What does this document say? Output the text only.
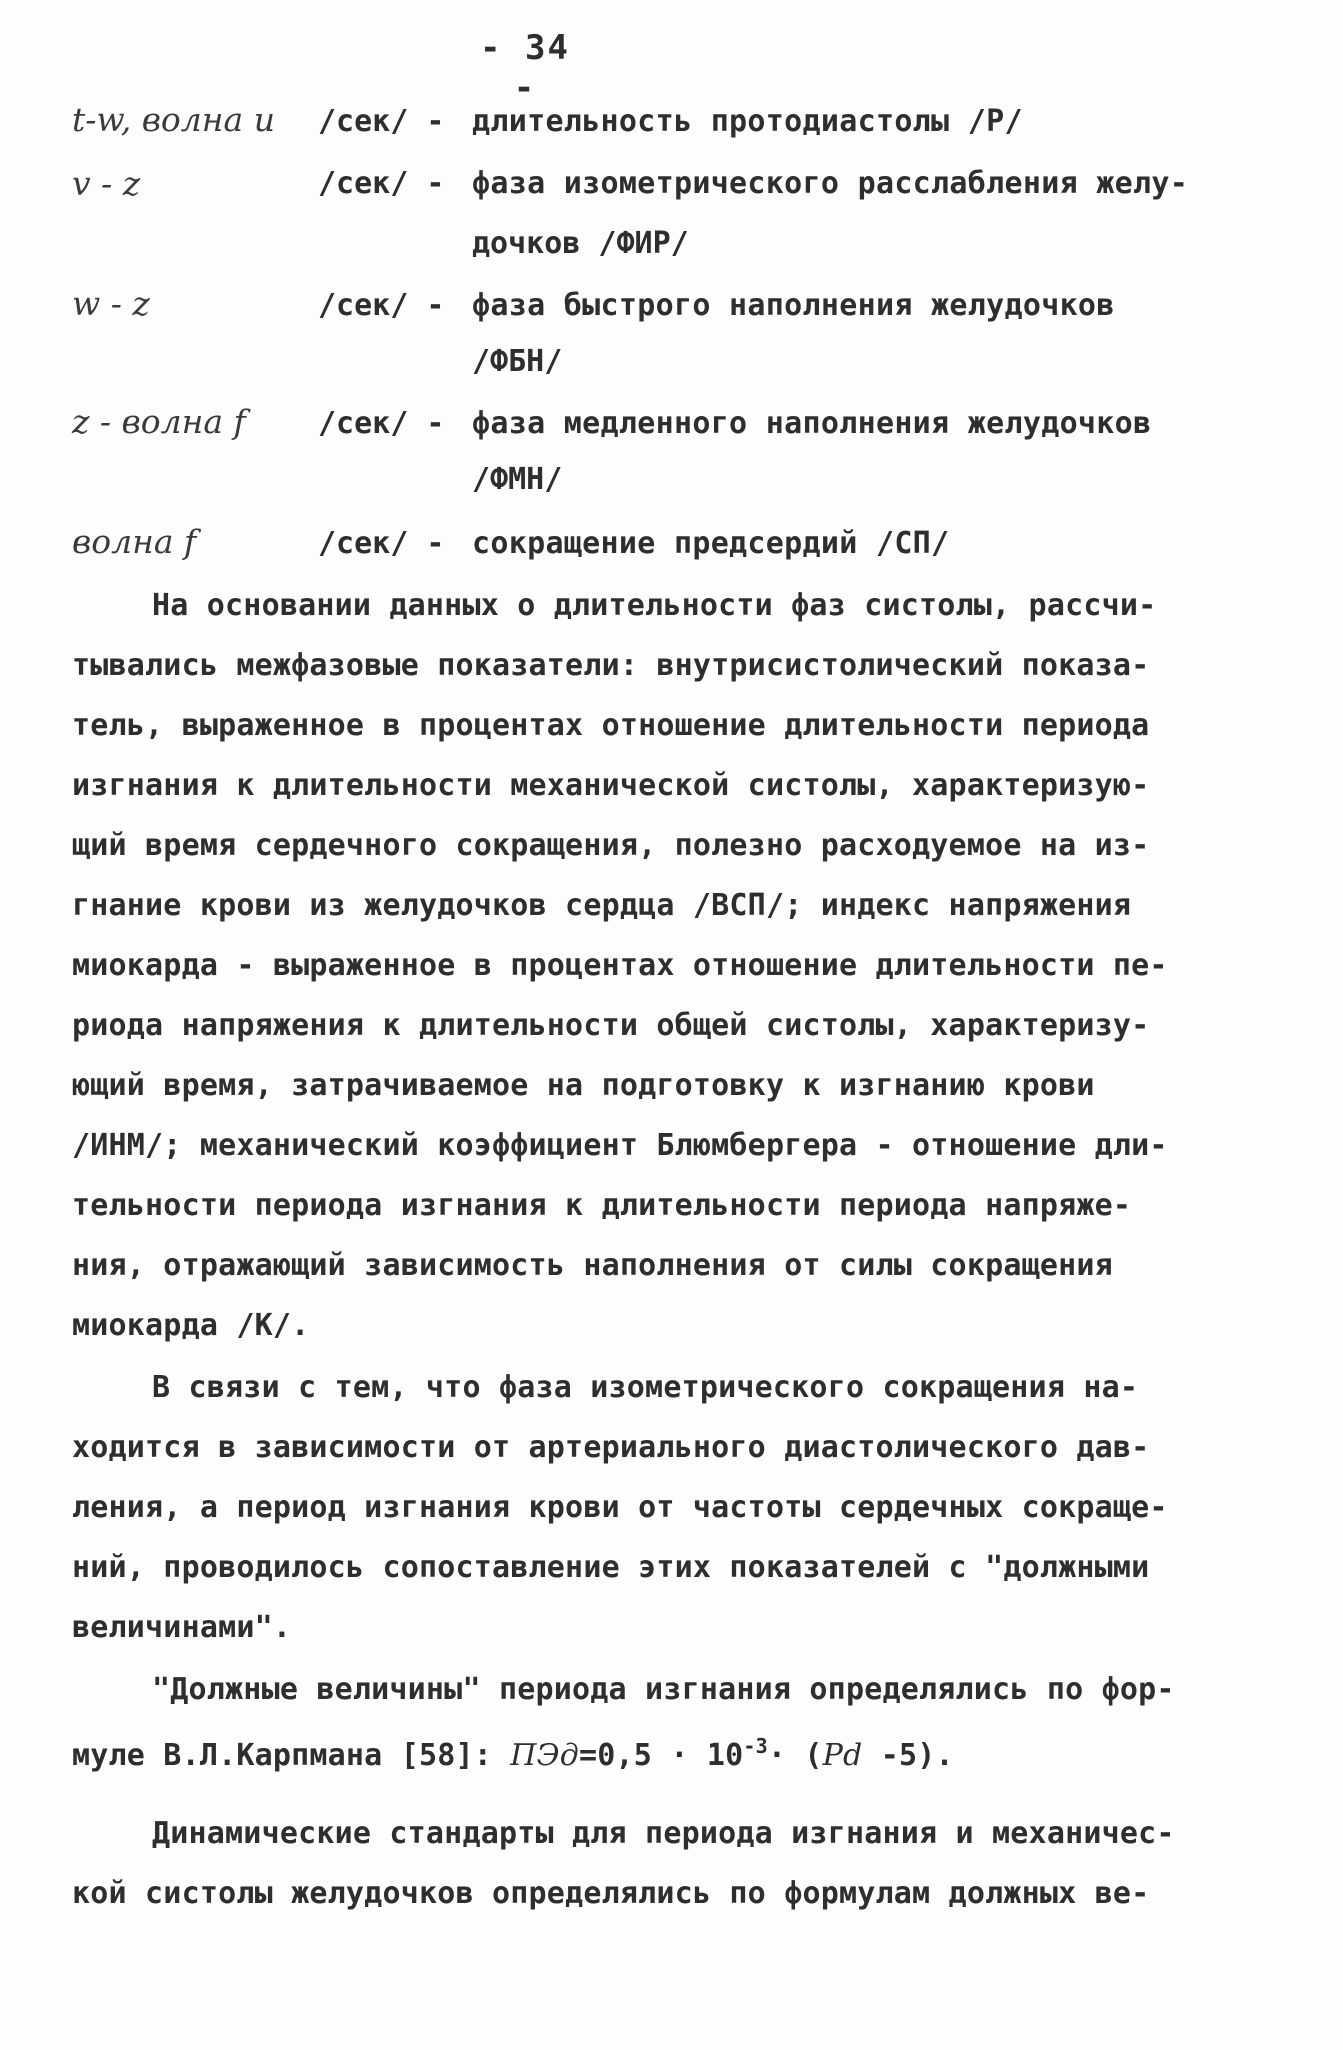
- 34 -
t-w, волна u /сек/ - длительность протодиастолы /Р/
v - z	/сек/ - фаза изометрического расслабления желу-
дочков /ФИР/
w - z	/сек/ - фаза быстрого наполнения желудочков
/ФБН/
z - волна f /сек/ - фаза медленного наполнения желудочков
/ФМН/
волна f	/сек/ - сокращение предсердий /СП/
На основании данных о длительности фаз систолы, рассчи-
тывались межфазовые показатели: внутрисистолический показа-
тель, выраженное в процентах отношение длительности периода
изгнания к длительности механической систолы, характеризую-
щий время сердечного сокращения, полезно расходуемое на из-
гнание крови из желудочков сердца /ВСП/; индекс напряжения
миокарда - выраженное в процентах отношение длительности пе-
риода напряжения к длительности общей систолы, характеризу-
ющий время, затрачиваемое на подготовку к изгнанию крови
/ИНМ/; механический коэффициент Блюмбергера - отношение дли-
тельности периода изгнания к длительности периода напряже-
ния, отражающий зависимость наполнения от силы сокращения
миокарда /К/.
В связи с тем, что фаза изометрического сокращения на-
ходится в зависимости от артериального диастолического дав-
ления, а период изгнания крови от частоты сердечных сокраще-
ний, проводилось сопоставление этих показателей с "должными
величинами".
"Должные величины" периода изгнания определялись по фор-
муле В.Л.Карпмана [58]: $ПЭд=0,5 \cdot 10^{-3}\cdot (Pd$ -5).
Динамические стандарты для периода изгнания и механичес-
кой систолы желудочков определялись по формулам должных ве-
